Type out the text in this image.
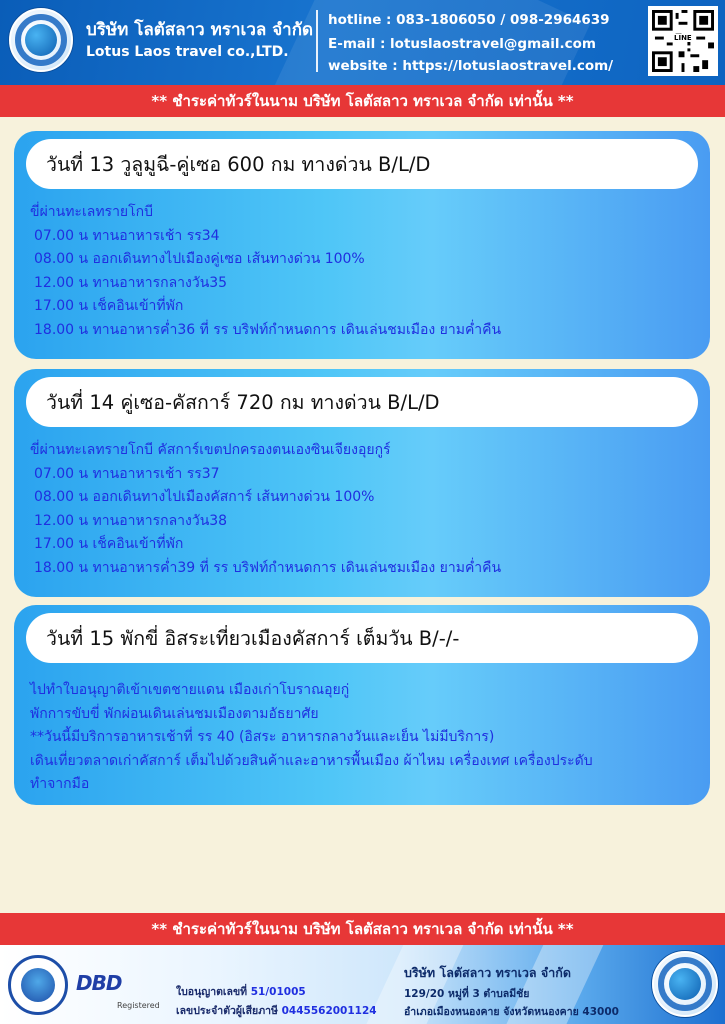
บริษัท โลตัสลาว ทราเวล จำกัด
Lotus Laos travel co.,LTD.
hotline : 083-1806050 / 098-2964639
E-mail : lotuslaostravel@gmail.com
website : https://lotuslaostravel.com/
LINE
** ชำระค่าทัวร์ในนาม บริษัท โลตัสลาว ทราเวล จำกัด เท่านั้น **
วันที่ 13 วูลูมูฉี-คู่เซอ 600 กม ทางด่วน B/L/D
ขี่ผ่านทะเลทรายโกบี
07.00 น ทานอาหารเช้า รร34
08.00 น ออกเดินทางไปเมืองคู่เซอ เส้นทางด่วน 100%
12.00 น ทานอาหารกลางวัน35
17.00 น เช็คอินเข้าที่พัก
18.00 น ทานอาหารค่ำ36 ที่ รร บริฟท์กำหนดการ เดินเล่นชมเมือง ยามค่ำคืน
วันที่ 14 คู่เซอ-คัสการ์ 720 กม ทางด่วน B/L/D
ขี่ผ่านทะเลทรายโกบี คัสการ์เขตปกครองตนเองซินเจียงอุยกูร์
07.00 น ทานอาหารเช้า รร37
08.00 น ออกเดินทางไปเมืองคัสการ์ เส้นทางด่วน 100%
12.00 น ทานอาหารกลางวัน38
17.00 น เช็คอินเข้าที่พัก
18.00 น ทานอาหารค่ำ39 ที่ รร บริฟท์กำหนดการ เดินเล่นชมเมือง ยามค่ำคืน
วันที่ 15 พักขี่ อิสระเที่ยวเมืองคัสการ์ เต็มวัน B/-/-
ไปทำใบอนุญาติเข้าเขตชายแดน เมืองเก่าโบราณอุยกู่
พักการขับขี่ พักผ่อนเดินเล่นชมเมืองตามอัธยาศัย
**วันนี้มีบริการอาหารเช้าที่ รร 40 (อิสระ อาหารกลางวันและเย็น ไม่มีบริการ)
เดินเที่ยวตลาดเก่าคัสการ์ เต็มไปด้วยสินค้าและอาหารพื้นเมือง ผ้าไหม เครื่องเทศ เครื่องประดับ
ทำจากมือ
** ชำระค่าทัวร์ในนาม บริษัท โลตัสลาว ทราเวล จำกัด เท่านั้น **
DBD
Registered
ใบอนุญาตเลขที่ 51/01005
เลขประจำตัวผู้เสียภาษี 0445562001124
บริษัท โลตัสลาว ทราเวล จำกัด
129/20 หมู่ที่ 3 ตำบลมีชัย
อำเภอเมืองหนองคาย จังหวัดหนองคาย 43000
